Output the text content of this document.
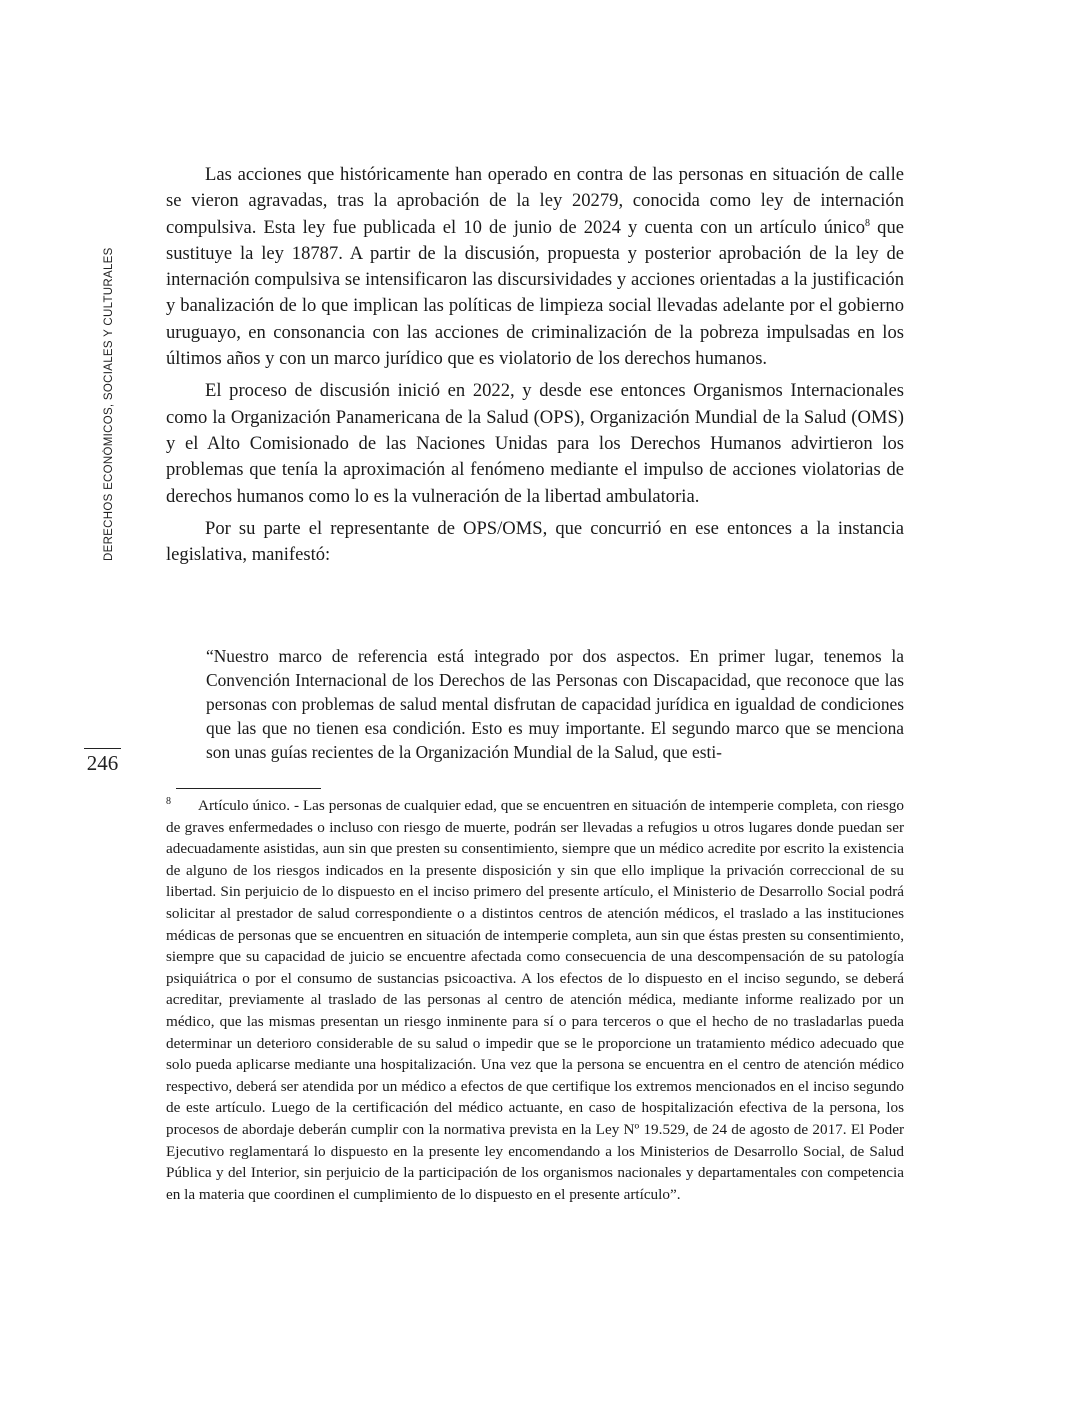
DERECHOS ECONÓMICOS, SOCIALES Y CULTURALES
246

Las acciones que históricamente han operado en contra de las personas en situación de calle se vieron agravadas, tras la aprobación de la ley 20279, conocida como ley de internación compulsiva. Esta ley fue publicada el 10 de junio de 2024 y cuenta con un artículo único$^8$ que sustituye la ley 18787. A partir de la discusión, propuesta y posterior aprobación de la ley de internación compulsiva se intensificaron las discursividades y acciones orientadas a la justificación y banalización de lo que implican las políticas de limpieza social llevadas adelante por el gobierno uruguayo, en consonancia con las acciones de criminalización de la pobreza impulsadas en los últimos años y con un marco jurídico que es violatorio de los derechos humanos.

El proceso de discusión inició en 2022, y desde ese entonces Organismos Internacionales como la Organización Panamericana de la Salud (OPS), Organización Mundial de la Salud (OMS) y el Alto Comisionado de las Naciones Unidas para los Derechos Humanos advirtieron los problemas que tenía la aproximación al fenómeno mediante el impulso de acciones violatorias de derechos humanos como lo es la vulneración de la libertad ambulatoria.

Por su parte el representante de OPS/OMS, que concurrió en ese entonces a la instancia legislativa, manifestó:

“Nuestro marco de referencia está integrado por dos aspectos. En primer lugar, tenemos la Convención Internacional de los Derechos de las Personas con Discapacidad, que reconoce que las personas con problemas de salud mental disfrutan de capacidad jurídica en igualdad de condiciones que las que no tienen esa condición. Esto es muy importante. El segundo marco que se menciona son unas guías recientes de la Organización Mundial de la Salud, que esti-

8 Artículo único. - Las personas de cualquier edad, que se encuentren en situación de intemperie completa, con riesgo de graves enfermedades o incluso con riesgo de muerte, podrán ser llevadas a refugios u otros lugares donde puedan ser adecuadamente asistidas, aun sin que presten su consentimiento, siempre que un médico acredite por escrito la existencia de alguno de los riesgos indicados en la presente disposición y sin que ello implique la privación correccional de su libertad. Sin perjuicio de lo dispuesto en el inciso primero del presente artículo, el Ministerio de Desarrollo Social podrá solicitar al prestador de salud correspondiente o a distintos centros de atención médicos, el traslado a las instituciones médicas de personas que se encuentren en situación de intemperie completa, aun sin que éstas presten su consentimiento, siempre que su capacidad de juicio se encuentre afectada como consecuencia de una descompensación de su patología psiquiátrica o por el consumo de sustancias psicoactiva. A los efectos de lo dispuesto en el inciso segundo, se deberá acreditar, previamente al traslado de las personas al centro de atención médica, mediante informe realizado por un médico, que las mismas presentan un riesgo inminente para sí o para terceros o que el hecho de no trasladarlas pueda determinar un deterioro considerable de su salud o impedir que se le proporcione un tratamiento médico adecuado que solo pueda aplicarse mediante una hospitalización. Una vez que la persona se encuentra en el centro de atención médico respectivo, deberá ser atendida por un médico a efectos de que certifique los extremos mencionados en el inciso segundo de este artículo. Luego de la certificación del médico actuante, en caso de hospitalización efectiva de la persona, los procesos de abordaje deberán cumplir con la normativa prevista en la Ley Nº 19.529, de 24 de agosto de 2017. El Poder Ejecutivo reglamentará lo dispuesto en la presente ley encomendando a los Ministerios de Desarrollo Social, de Salud Pública y del Interior, sin perjuicio de la participación de los organismos nacionales y departamentales con competencia en la materia que coordinen el cumplimiento de lo dispuesto en el presente artículo”.
